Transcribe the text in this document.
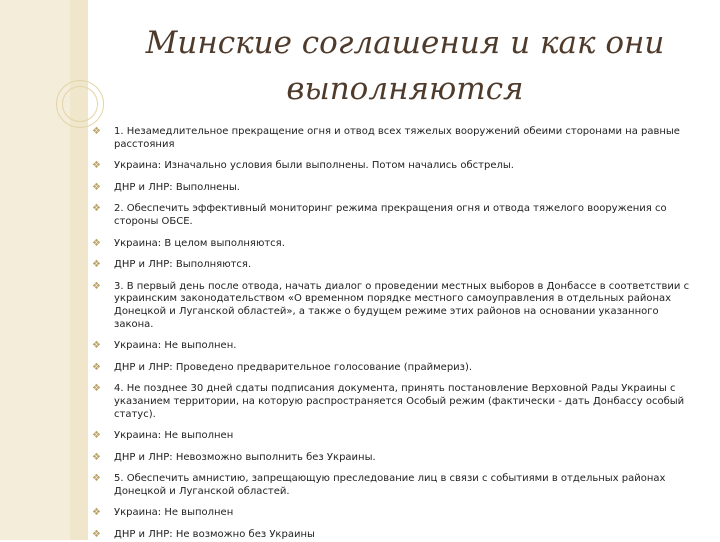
Минские соглашения и как они
выполняются
❖ 1. Незамедлительное прекращение огня и отвод всех тяжелых вооружений обеими сторонами на равные расстояния
❖ Украина: Изначально условия были выполнены. Потом начались обстрелы.
❖ ДНР и ЛНР: Выполнены.
❖ 2. Обеспечить эффективный мониторинг режима прекращения огня и отвода тяжелого вооружения со стороны ОБСЕ.
❖ Украина: В целом выполняются.
❖ ДНР и ЛНР: Выполняются.
❖ 3. В первый день после отвода, начать диалог о проведении местных выборов в Донбассе в соответствии с украинским законодательством «О временном порядке местного самоуправления в отдельных районах Донецкой и Луганской областей», а также о будущем режиме этих районов на основании указанного закона.
❖ Украина: Не выполнен.
❖ ДНР и ЛНР: Проведено предварительное голосование (праймериз).
❖ 4. Не позднее 30 дней сдаты подписания документа, принять постановление Верховной Рады Украины с указанием территории, на которую распространяется Особый режим (фактически - дать Донбассу особый статус).
❖ Украина: Не выполнен
❖ ДНР и ЛНР: Невозможно выполнить без Украины.
❖ 5. Обеспечить амнистию, запрещающую преследование лиц в связи с событиями в отдельных районах Донецкой и Луганской областей.
❖ Украина: Не выполнен
❖ ДНР и ЛНР: Не возможно без Украины
